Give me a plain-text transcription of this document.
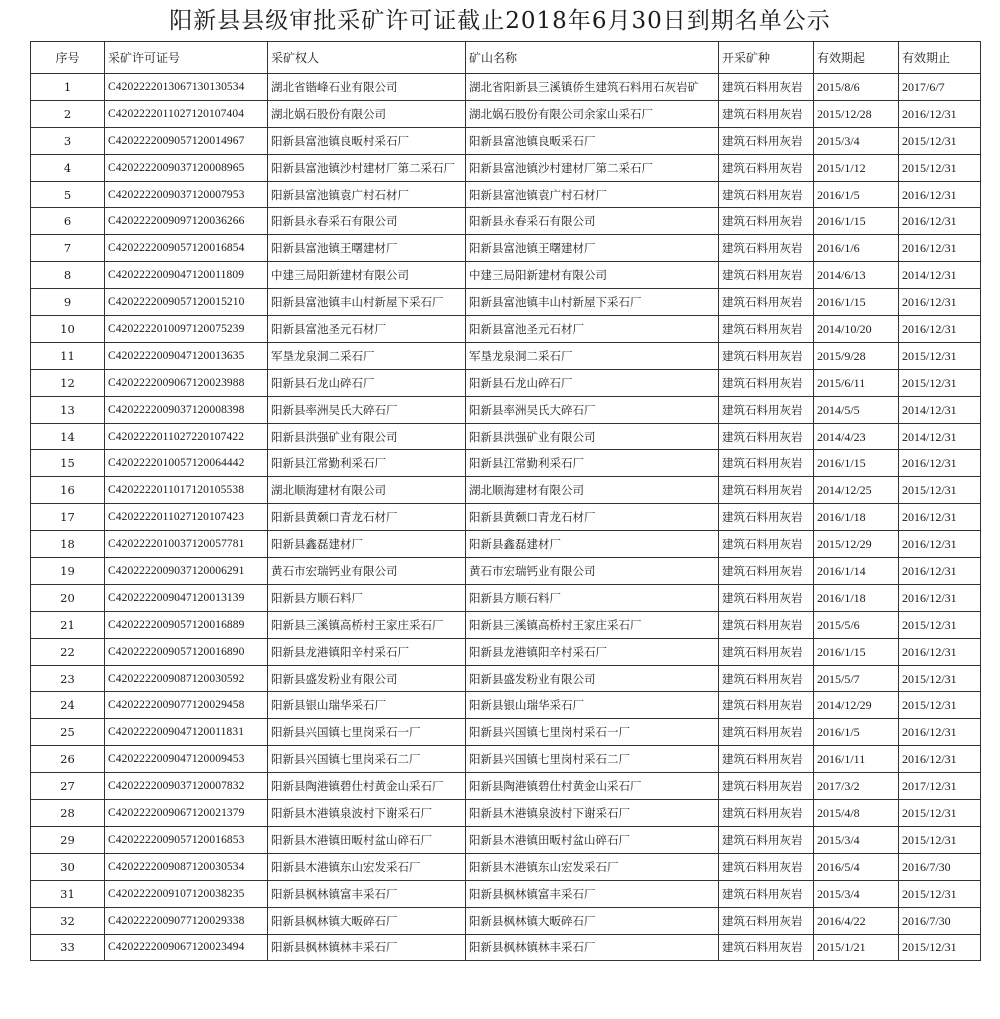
阳新县县级审批采矿许可证截止2018年6月30日到期名单公示
序号	采矿许可证号	采矿权人	矿山名称	开采矿种	有效期起	有效期止
1	C4202222013067130130534	湖北省锴峰石业有限公司	湖北省阳新县三溪镇侨生建筑石料用石灰岩矿	建筑石料用灰岩	2015/8/6	2017/6/7
2	C4202222011027120107404	湖北娲石股份有限公司	湖北娲石股份有限公司余家山采石厂	建筑石料用灰岩	2015/12/28	2016/12/31
3	C4202222009057120014967	阳新县富池镇良畈村采石厂	阳新县富池镇良畈采石厂	建筑石料用灰岩	2015/3/4	2015/12/31
4	C4202222009037120008965	阳新县富池镇沙村建材厂第二采石厂	阳新县富池镇沙村建材厂第二采石厂	建筑石料用灰岩	2015/1/12	2015/12/31
5	C4202222009037120007953	阳新县富池镇袁广村石材厂	阳新县富池镇袁广村石材厂	建筑石料用灰岩	2016/1/5	2016/12/31
6	C4202222009097120036266	阳新县永春采石有限公司	阳新县永春采石有限公司	建筑石料用灰岩	2016/1/15	2016/12/31
7	C4202222009057120016854	阳新县富池镇王曙建材厂	阳新县富池镇王曙建材厂	建筑石料用灰岩	2016/1/6	2016/12/31
8	C4202222009047120011809	中建三局阳新建材有限公司	中建三局阳新建材有限公司	建筑石料用灰岩	2014/6/13	2014/12/31
9	C4202222009057120015210	阳新县富池镇丰山村新屋下采石厂	阳新县富池镇丰山村新屋下采石厂	建筑石料用灰岩	2016/1/15	2016/12/31
10	C4202222010097120075239	阳新县富池圣元石材厂	阳新县富池圣元石材厂	建筑石料用灰岩	2014/10/20	2016/12/31
11	C4202222009047120013635	军垦龙泉洞二采石厂	军垦龙泉洞二采石厂	建筑石料用灰岩	2015/9/28	2015/12/31
12	C4202222009067120023988	阳新县石龙山碎石厂	阳新县石龙山碎石厂	建筑石料用灰岩	2015/6/11	2015/12/31
13	C4202222009037120008398	阳新县率洲吴氏大碎石厂	阳新县率洲吴氏大碎石厂	建筑石料用灰岩	2014/5/5	2014/12/31
14	C4202222011027220107422	阳新县洪强矿业有限公司	阳新县洪强矿业有限公司	建筑石料用灰岩	2014/4/23	2014/12/31
15	C4202222010057120064442	阳新县江常勤利采石厂	阳新县江常勤利采石厂	建筑石料用灰岩	2016/1/15	2016/12/31
16	C4202222011017120105538	湖北顺海建材有限公司	湖北顺海建材有限公司	建筑石料用灰岩	2014/12/25	2015/12/31
17	C4202222011027120107423	阳新县黄颡口青龙石材厂	阳新县黄颡口青龙石材厂	建筑石料用灰岩	2016/1/18	2016/12/31
18	C4202222010037120057781	阳新县鑫磊建材厂	阳新县鑫磊建材厂	建筑石料用灰岩	2015/12/29	2016/12/31
19	C4202222009037120006291	黄石市宏瑞钙业有限公司	黄石市宏瑞钙业有限公司	建筑石料用灰岩	2016/1/14	2016/12/31
20	C4202222009047120013139	阳新县方顺石料厂	阳新县方顺石料厂	建筑石料用灰岩	2016/1/18	2016/12/31
21	C4202222009057120016889	阳新县三溪镇高桥村王家庄采石厂	阳新县三溪镇高桥村王家庄采石厂	建筑石料用灰岩	2015/5/6	2015/12/31
22	C4202222009057120016890	阳新县龙港镇阳辛村采石厂	阳新县龙港镇阳辛村采石厂	建筑石料用灰岩	2016/1/15	2016/12/31
23	C4202222009087120030592	阳新县盛发粉业有限公司	阳新县盛发粉业有限公司	建筑石料用灰岩	2015/5/7	2015/12/31
24	C4202222009077120029458	阳新县银山瑞华采石厂	阳新县银山瑞华采石厂	建筑石料用灰岩	2014/12/29	2015/12/31
25	C4202222009047120011831	阳新县兴国镇七里岗采石一厂	阳新县兴国镇七里岗村采石一厂	建筑石料用灰岩	2016/1/5	2016/12/31
26	C4202222009047120009453	阳新县兴国镇七里岗采石二厂	阳新县兴国镇七里岗村采石二厂	建筑石料用灰岩	2016/1/11	2016/12/31
27	C4202222009037120007832	阳新县陶港镇碧仕村黄金山采石厂	阳新县陶港镇碧仕村黄金山采石厂	建筑石料用灰岩	2017/3/2	2017/12/31
28	C4202222009067120021379	阳新县木港镇泉波村下谢采石厂	阳新县木港镇泉波村下谢采石厂	建筑石料用灰岩	2015/4/8	2015/12/31
29	C4202222009057120016853	阳新县木港镇田畈村盆山碎石厂	阳新县木港镇田畈村盆山碎石厂	建筑石料用灰岩	2015/3/4	2015/12/31
30	C4202222009087120030534	阳新县木港镇东山宏发采石厂	阳新县木港镇东山宏发采石厂	建筑石料用灰岩	2016/5/4	2016/7/30
31	C4202222009107120038235	阳新县枫林镇富丰采石厂	阳新县枫林镇富丰采石厂	建筑石料用灰岩	2015/3/4	2015/12/31
32	C4202222009077120029338	阳新县枫林镇大畈碎石厂	阳新县枫林镇大畈碎石厂	建筑石料用灰岩	2016/4/22	2016/7/30
33	C4202222009067120023494	阳新县枫林镇林丰采石厂	阳新县枫林镇林丰采石厂	建筑石料用灰岩	2015/1/21	2015/12/31
